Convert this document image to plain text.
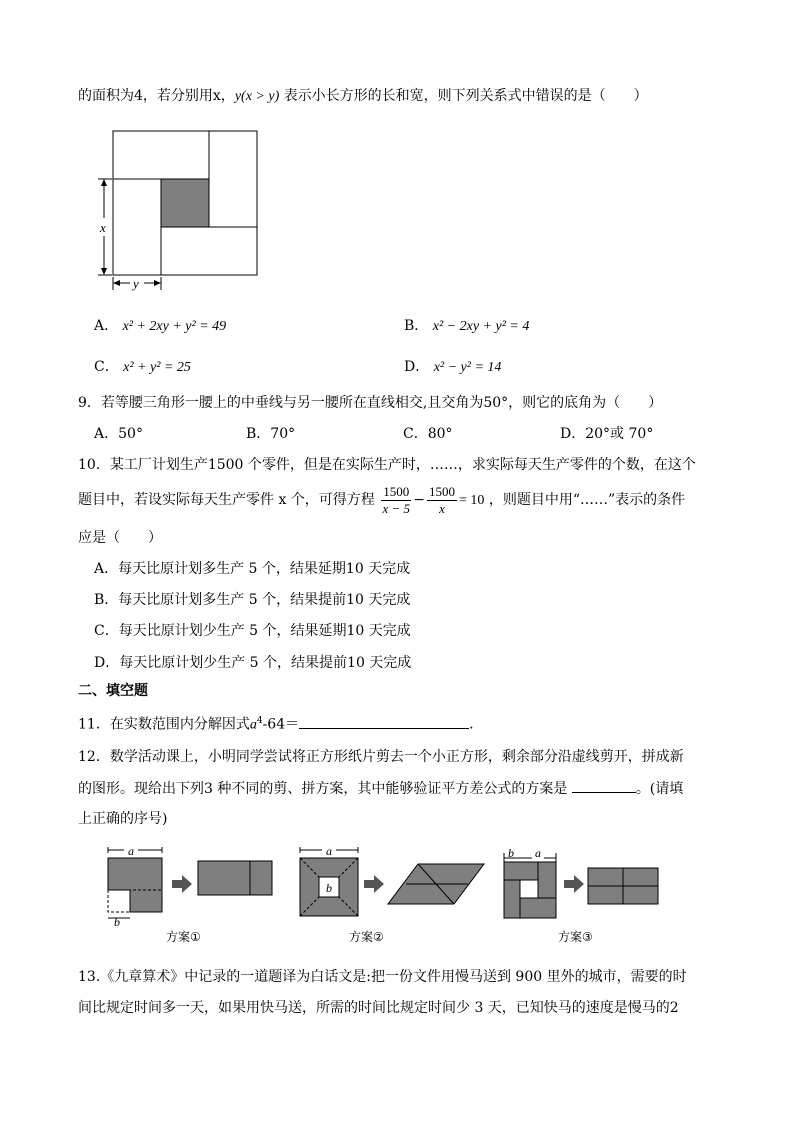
的面积为4，若分别用x，y(x > y) 表示小长方形的长和宽，则下列关系式中错误的是（　　）
x
y
A． x² + 2xy + y² = 49	B． x² − 2xy + y² = 4
C． x² + y² = 25	D． x² − y² = 14
9．若等腰三角形一腰上的中垂线与另一腰所在直线相交,且交角为50°，则它的底角为（　　）
A．50°	B．70°	C．80°	D．20°或 70°
10．某工厂计划生产1500 个零件，但是在实际生产时，……，求实际每天生产零件的个数，在这个
题目中，若设实际每天生产零件 x 个，可得方程 $\frac{1500}{x - 5} - \frac{1500}{x} = 10$ ，则题目中用“……”表示的条件
应是（　　）
A．每天比原计划多生产 5 个，结果延期10 天完成
B．每天比原计划多生产 5 个，结果提前10 天完成
C．每天比原计划少生产 5 个，结果延期10 天完成
D．每天比原计划少生产 5 个，结果提前10 天完成
二、填空题
11．在实数范围内分解因式$a^4-64=$	.
12．数学活动课上，小明同学尝试将正方形纸片剪去一个小正方形，剩余部分沿虚线剪开，拼成新
的图形。现给出下列3 种不同的剪、拼方案，其中能够验证平方差公式的方案是	。(请填
上正确的序号)
a
b
方案①
a
b
方案②
b a
方案③
13.《九章算术》中记录的一道题译为白话文是:把一份文件用慢马送到 900 里外的城市，需要的时
间比规定时间多一天，如果用快马送，所需的时间比规定时间少 3 天，已知快马的速度是慢马的2
